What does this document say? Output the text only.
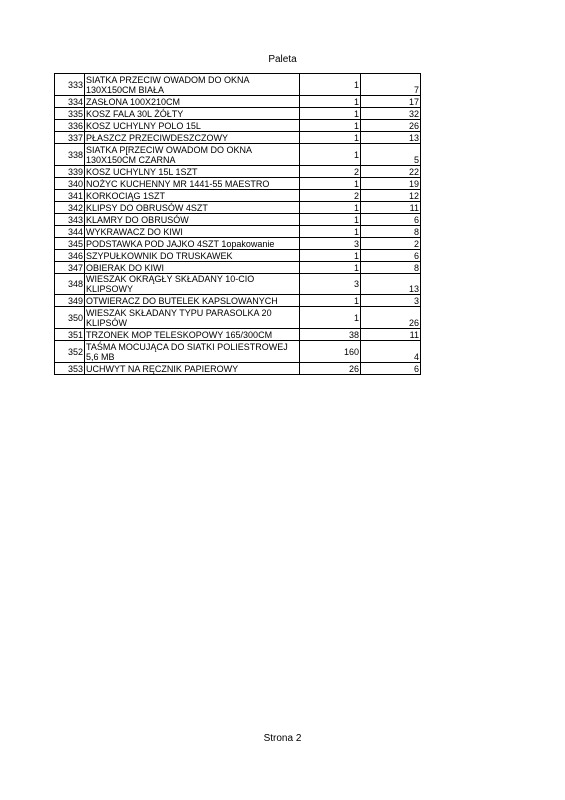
Paleta
333	SIATKA PRZECIW OWADOM DO OKNA 130X150CM BIAŁA	1	7
334	ZASŁONA 100X210CM	1	17
335	KOSZ FALA 30L ŻÓŁTY	1	32
336	KOSZ UCHYLNY POLO 15L	1	26
337	PŁASZCZ PRZECIWDESZCZOWY	1	13
338	SIATKA P[RZECIW OWADOM DO OKNA 130X150CM CZARNA	1	5
339	KOSZ UCHYLNY 15L 1SZT	2	22
340	NOŻYC KUCHENNY MR 1441-55 MAESTRO	1	19
341	KORKOCIĄG 1SZT	2	12
342	KLIPSY DO OBRUSÓW 4SZT	1	11
343	KLAMRY DO OBRUSÓW	1	6
344	WYKRAWACZ DO KIWI	1	8
345	PODSTAWKA POD JAJKO 4SZT 1opakowanie	3	2
346	SZYPUŁKOWNIK DO TRUSKAWEK	1	6
347	OBIERAK DO KIWI	1	8
348	WIESZAK OKRĄGŁY SKŁADANY 10-CIO KLIPSOWY	3	13
349	OTWIERACZ DO BUTELEK KAPSLOWANYCH	1	3
350	WIESZAK SKŁADANY TYPU PARASOLKA 20 KLIPSÓW	1	26
351	TRZONEK MOP TELESKOPOWY 165/300CM	38	11
352	TAŚMA MOCUJĄCA DO SIATKI POLIESTROWEJ 5,6 MB	160	4
353	UCHWYT NA RĘCZNIK PAPIEROWY	26	6
Strona 2
